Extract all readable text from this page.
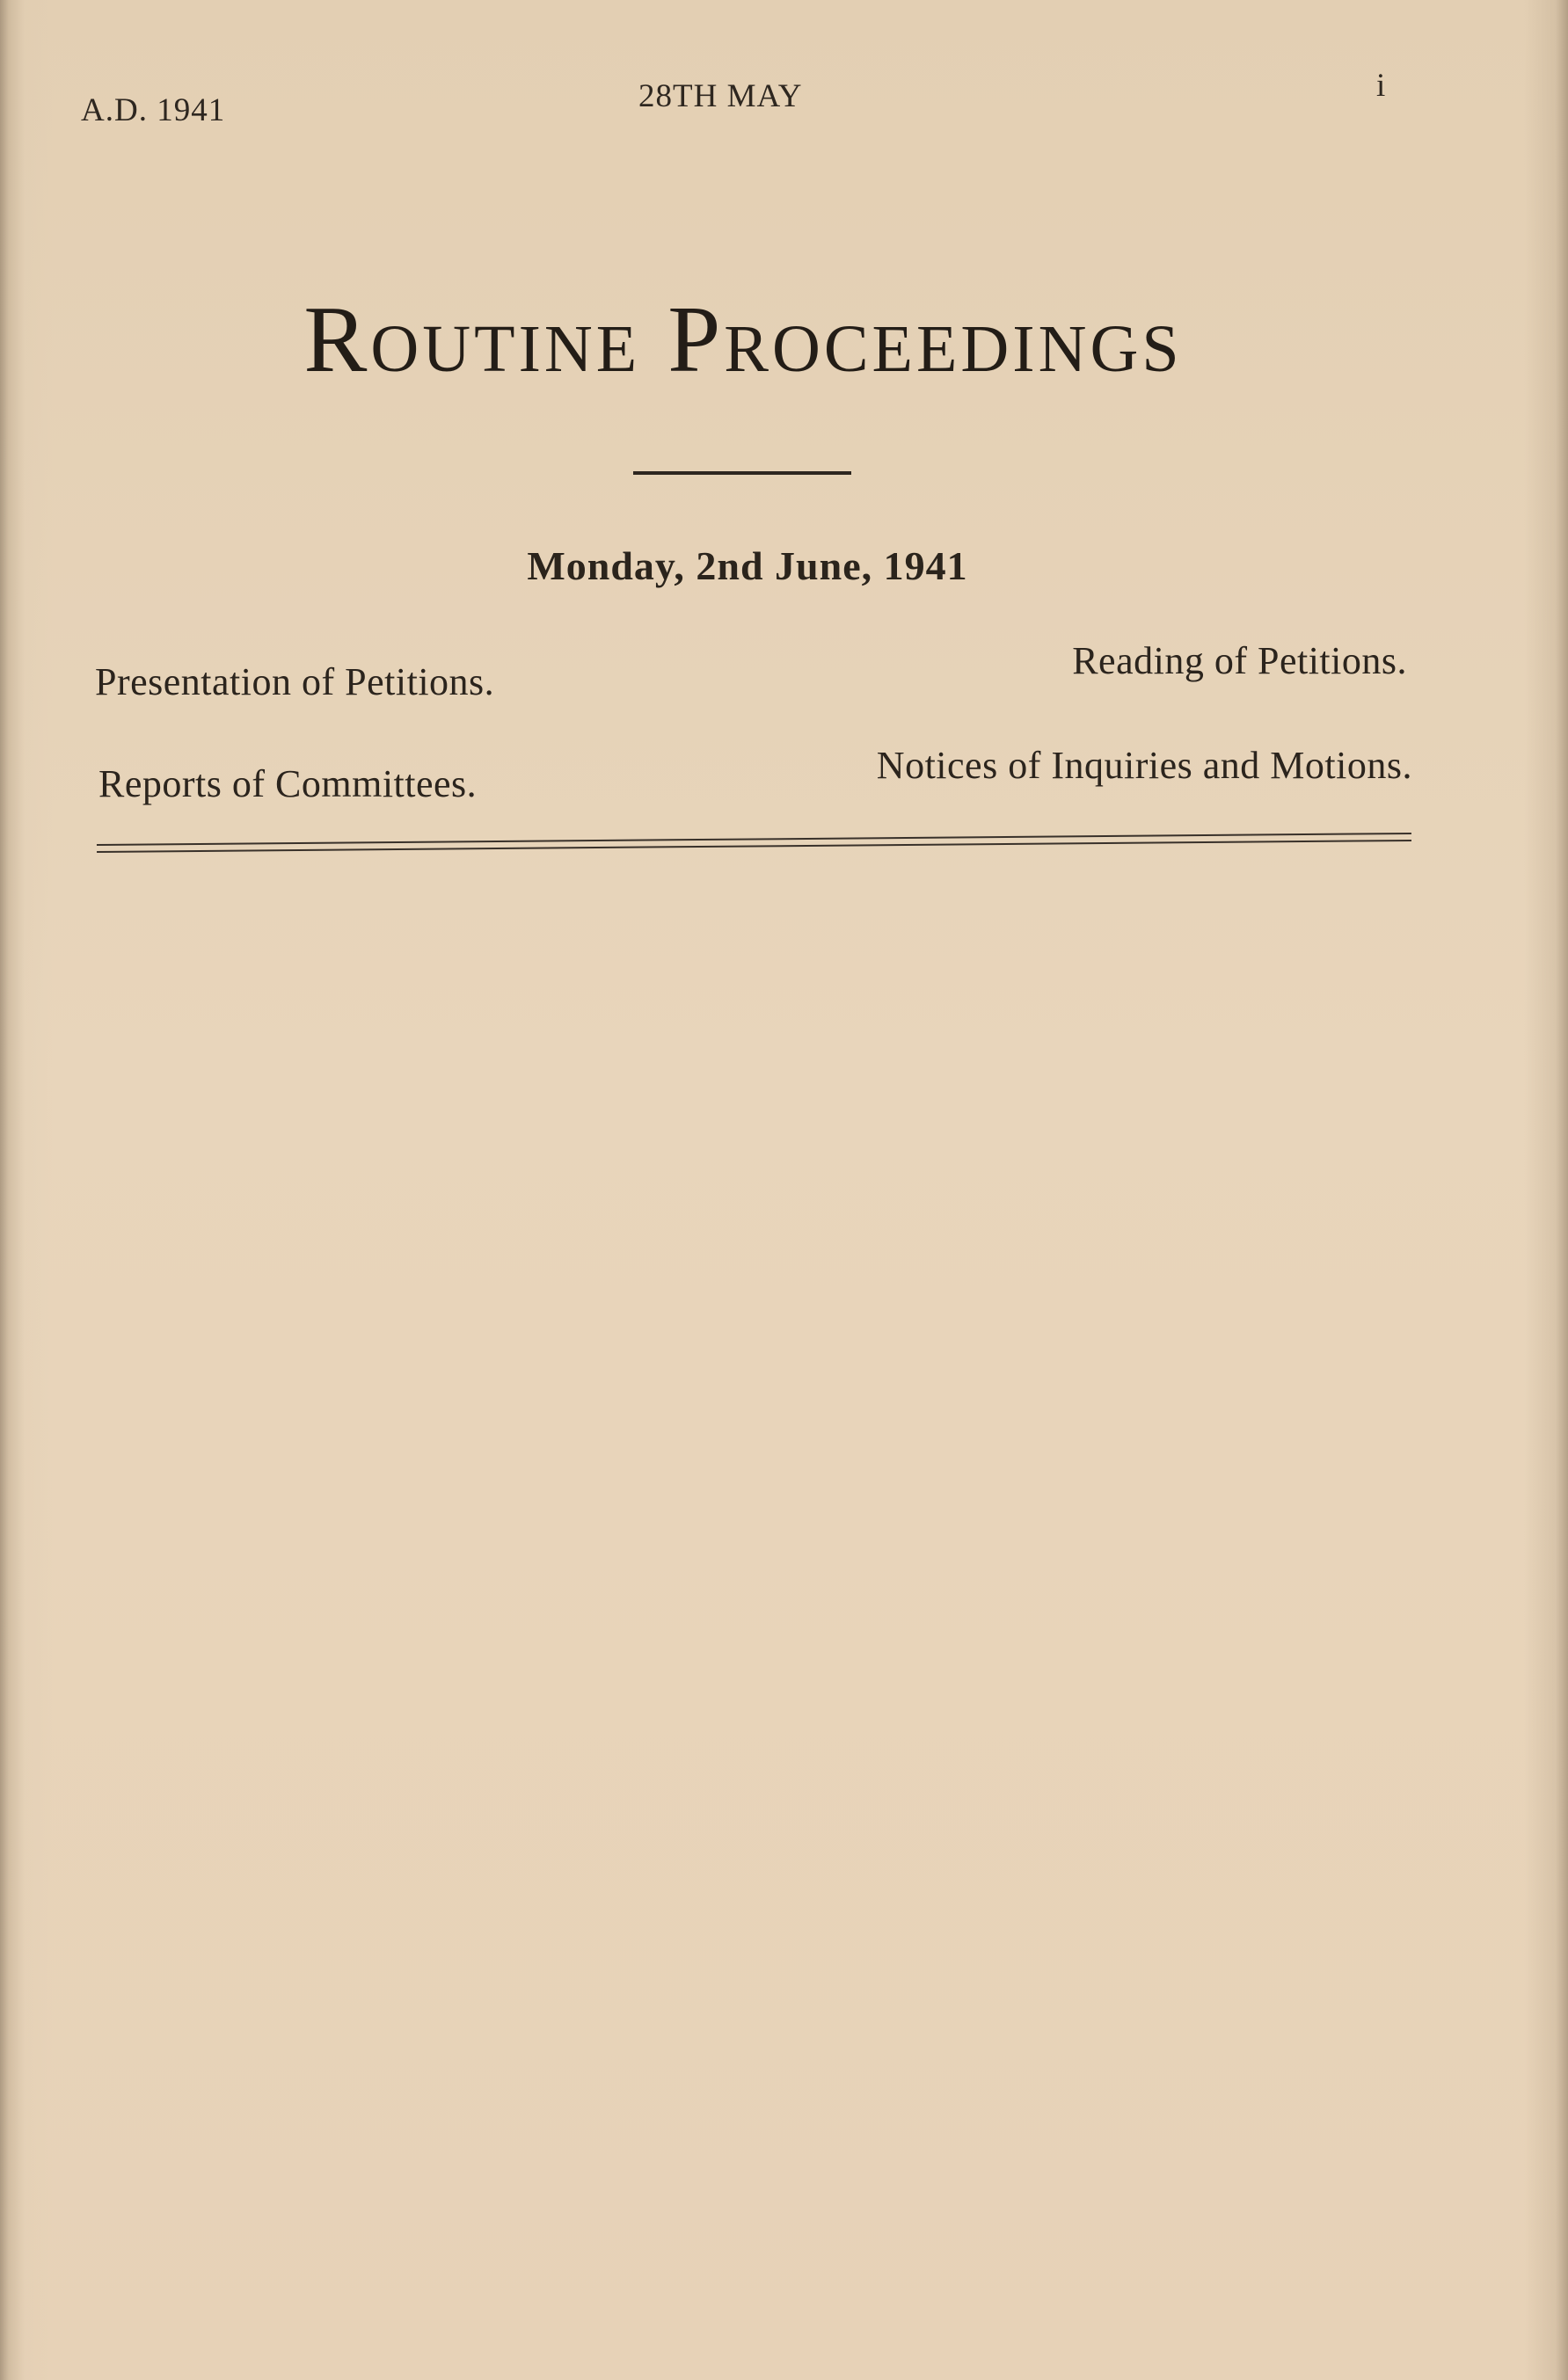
A.D. 1941	28TH MAY	i
Routine Proceedings
Monday, 2nd June, 1941
Presentation of Petitions.	Reading of Petitions.
Reports of Committees.	Notices of Inquiries and Motions.
